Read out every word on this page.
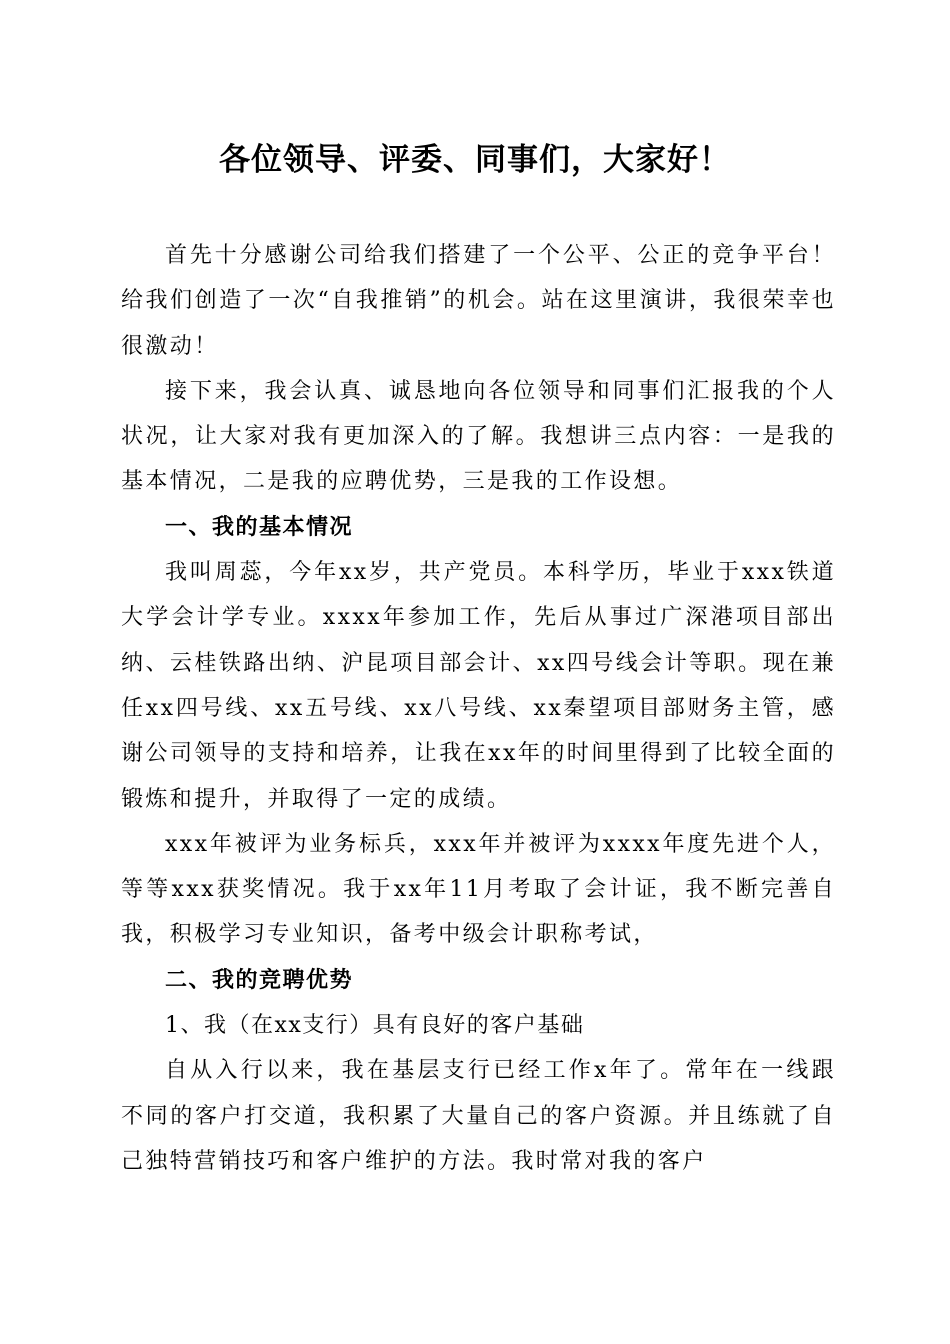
各位领导、评委、同事们，大家好！

首先十分感谢公司给我们搭建了一个公平、公正的竞争平台！给我们创造了一次“自我推销”的机会。站在这里演讲，我很荣幸也很激动！

接下来，我会认真、诚恳地向各位领导和同事们汇报我的个人状况，让大家对我有更加深入的了解。我想讲三点内容：一是我的基本情况，二是我的应聘优势，三是我的工作设想。

一、我的基本情况

我叫周蕊，今年xx岁，共产党员。本科学历，毕业于xxx铁道大学会计学专业。xxxx年参加工作，先后从事过广深港项目部出纳、云桂铁路出纳、沪昆项目部会计、xx四号线会计等职。现在兼任xx四号线、xx五号线、xx八号线、xx秦望项目部财务主管，感谢公司领导的支持和培养，让我在xx年的时间里得到了比较全面的锻炼和提升，并取得了一定的成绩。

xxx年被评为业务标兵，xxx年并被评为xxxx年度先进个人，等等xxx获奖情况。我于xx年11月考取了会计证，我不断完善自我，积极学习专业知识，备考中级会计职称考试，

二、我的竞聘优势

1、我（在xx支行）具有良好的客户基础

自从入行以来，我在基层支行已经工作x年了。常年在一线跟不同的客户打交道，我积累了大量自己的客户资源。并且练就了自己独特营销技巧和客户维护的方法。我时常对我的客户
